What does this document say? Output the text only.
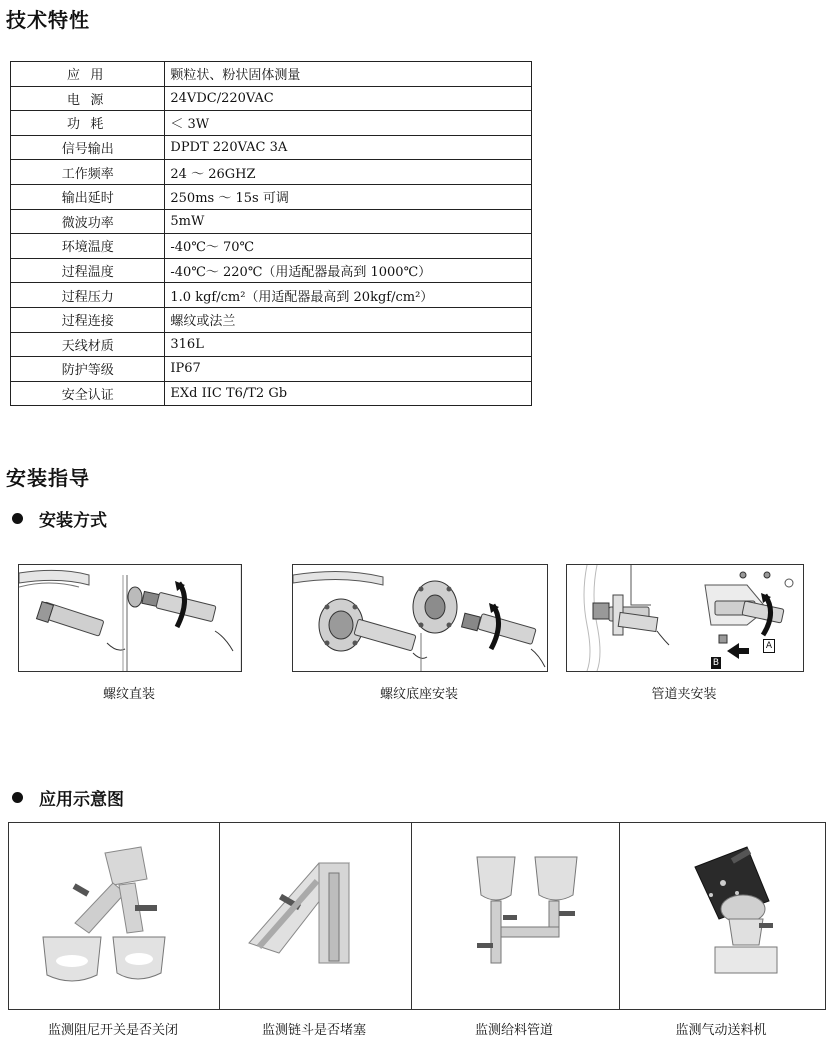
技术特性
应用	颗粒状、粉状固体测量
电源	24VDC/220VAC
功耗	＜ 3W
信号输出	DPDT 220VAC 3A
工作频率	24 ～ 26GHZ
输出延时	250ms ～ 15s 可调
微波功率	5mW
环境温度	-40℃～ 70℃
过程温度	-40℃～ 220℃（用适配器最高到 1000℃）
过程压力	1.0 kgf/cm²（用适配器最高到 20kgf/cm²）
过程连接	螺纹或法兰
天线材质	316L
防护等级	IP67
安全认证	EXd IIC T6/T2 Gb
安装指导
安装方式
螺纹直装	螺纹底座安装
A
B
管道夹安装
应用示意图
监测阻尼开关是否关闭	监测链斗是否堵塞	监测给料管道	监测气动送料机
